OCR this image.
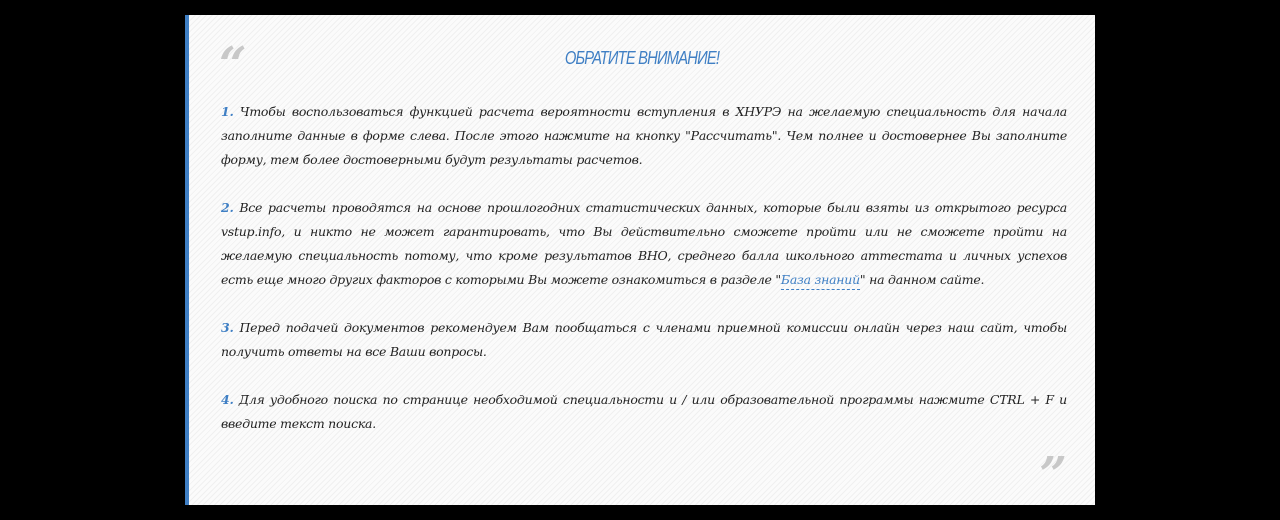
“	ОБРАТИТЕ ВНИМАНИЕ!

1. Чтобы воспользоваться функцией расчета вероятности вступления в ХНУРЭ на желаемую специальность для начала заполните данные в форме слева. После этого нажмите на кнопку "Рассчитать". Чем полнее и достовернее Вы заполните форму, тем более достоверными будут результаты расчетов.

2. Все расчеты проводятся на основе прошлогодних статистических данных, которые были взяты из открытого ресурса vstup.info, и никто не может гарантировать, что Вы действительно сможете пройти или не сможете пройти на желаемую специальность потому, что кроме результатов ВНО, среднего балла школьного аттестата и личных успехов есть еще много других факторов с которыми Вы можете ознакомиться в разделе "База знаний" на данном сайте.

3. Перед подачей документов рекомендуем Вам пообщаться с членами приемной комиссии онлайн через наш сайт, чтобы получить ответы на все Ваши вопросы.

4. Для удобного поиска по странице необходимой специальности и / или образовательной программы нажмите CTRL + F и введите текст поиска.

”
